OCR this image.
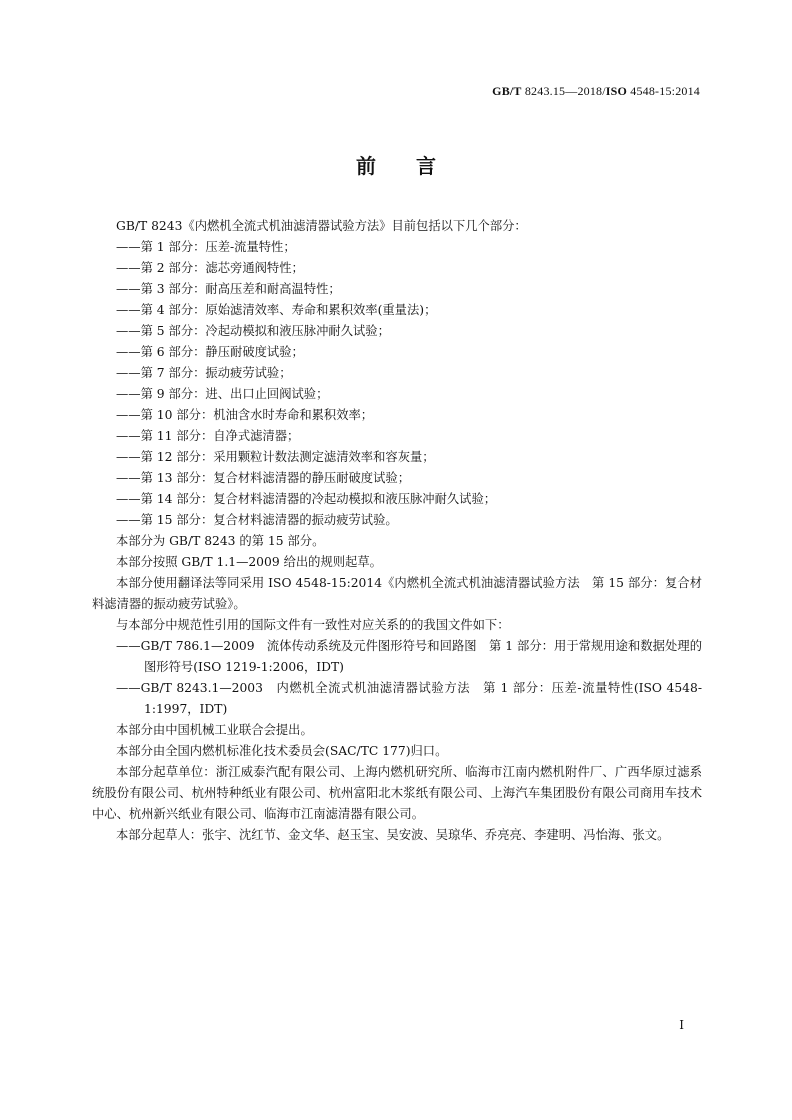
GB/T 8243.15—2018/ISO 4548-15:2014
前言

GB/T 8243《内燃机全流式机油滤清器试验方法》目前包括以下几个部分：

——第 1 部分：压差-流量特性；

——第 2 部分：滤芯旁通阀特性；

——第 3 部分：耐高压差和耐高温特性；

——第 4 部分：原始滤清效率、寿命和累积效率(重量法)；

——第 5 部分：冷起动模拟和液压脉冲耐久试验；

——第 6 部分：静压耐破度试验；

——第 7 部分：振动疲劳试验；

——第 9 部分：进、出口止回阀试验；

——第 10 部分：机油含水时寿命和累积效率；

——第 11 部分：自净式滤清器；

——第 12 部分：采用颗粒计数法测定滤清效率和容灰量；

——第 13 部分：复合材料滤清器的静压耐破度试验；

——第 14 部分：复合材料滤清器的冷起动模拟和液压脉冲耐久试验；

——第 15 部分：复合材料滤清器的振动疲劳试验。

本部分为 GB/T 8243 的第 15 部分。

本部分按照 GB/T 1.1—2009 给出的规则起草。

本部分使用翻译法等同采用 ISO 4548-15:2014《内燃机全流式机油滤清器试验方法　第 15 部分：复合材料滤清器的振动疲劳试验》。

与本部分中规范性引用的国际文件有一致性对应关系的的我国文件如下：

——GB/T 786.1—2009　流体传动系统及元件图形符号和回路图　第 1 部分：用于常规用途和数据处理的图形符号(ISO 1219-1:2006，IDT)

——GB/T 8243.1—2003　内燃机全流式机油滤清器试验方法　第 1 部分：压差-流量特性(ISO 4548-1:1997，IDT)

本部分由中国机械工业联合会提出。

本部分由全国内燃机标准化技术委员会(SAC/TC 177)归口。

本部分起草单位：浙江威泰汽配有限公司、上海内燃机研究所、临海市江南内燃机附件厂、广西华原过滤系统股份有限公司、杭州特种纸业有限公司、杭州富阳北木浆纸有限公司、上海汽车集团股份有限公司商用车技术中心、杭州新兴纸业有限公司、临海市江南滤清器有限公司。

本部分起草人：张宇、沈红节、金文华、赵玉宝、吴安波、吴琼华、乔亮亮、李建明、冯怡海、张文。

I
